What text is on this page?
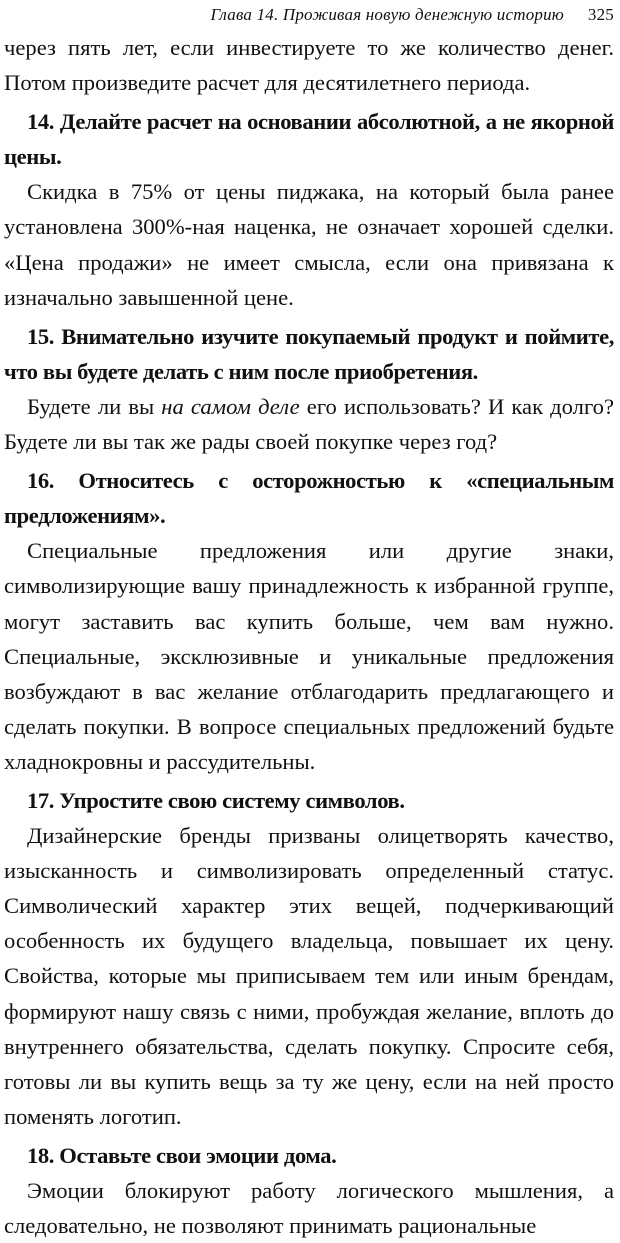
Глава 14. Проживая новую денежную историю 325

через пять лет, если инвестируете то же количество денег. Потом произведите расчет для десятилетнего периода.

14. Делайте расчет на основании абсолютной, а не якорной цены.

Скидка в 75% от цены пиджака, на который была ранее установлена 300%-ная наценка, не означает хорошей сделки. «Цена продажи» не имеет смысла, если она привязана к изначально завышенной цене.

15. Внимательно изучите покупаемый продукт и поймите, что вы будете делать с ним после приобретения.

Будете ли вы на самом деле его использовать? И как долго? Будете ли вы так же рады своей покупке через год?

16. Относитесь с осторожностью к «специальным предложениям».

Специальные предложения или другие знаки, символизирующие вашу принадлежность к избранной группе, могут заставить вас купить больше, чем вам нужно. Специальные, эксклюзивные и уникальные предложения возбуждают в вас желание отблагодарить предлагающего и сделать покупки. В вопросе специальных предложений будьте хладнокровны и рассудительны.

17. Упростите свою систему символов.

Дизайнерские бренды призваны олицетворять качество, изысканность и символизировать определенный статус. Символический характер этих вещей, подчеркивающий особенность их будущего владельца, повышает их цену. Свойства, которые мы приписываем тем или иным брендам, формируют нашу связь с ними, пробуждая желание, вплоть до внутреннего обязательства, сделать покупку. Спросите себя, готовы ли вы купить вещь за ту же цену, если на ней просто поменять логотип.

18. Оставьте свои эмоции дома.

Эмоции блокируют работу логического мышления, а следовательно, не позволяют принимать рациональные
